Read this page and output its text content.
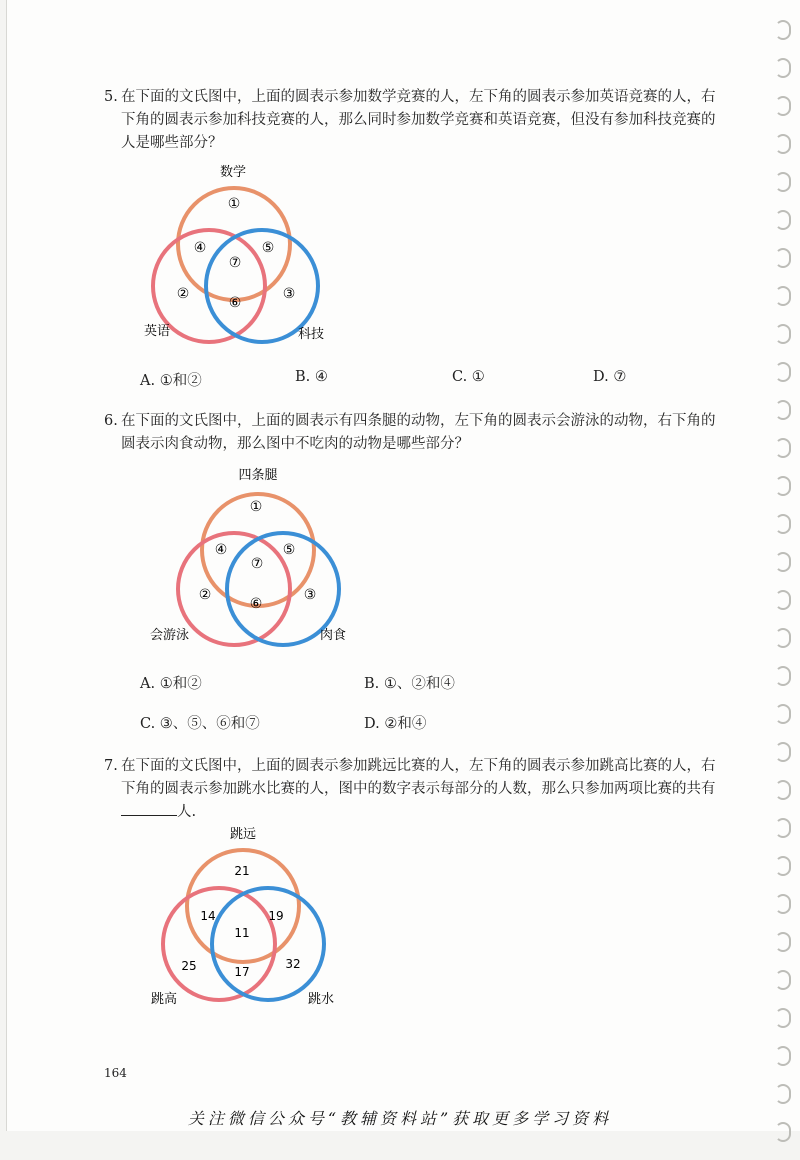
5. 在下面的文氏图中，上面的圆表示参加数学竞赛的人，左下角的圆表示参加英语竞赛的人，右下角的圆表示参加科技竞赛的人，那么同时参加数学竞赛和英语竞赛，但没有参加科技竞赛的人是哪些部分？
数学
①
④	⑤
⑦
②	③
⑥
英语	科技
A. ①和②	B. ④	C. ①	D. ⑦
6. 在下面的文氏图中，上面的圆表示有四条腿的动物，左下角的圆表示会游泳的动物，右下角的圆表示肉食动物，那么图中不吃肉的动物是哪些部分？
四条腿
①
④	⑤
⑦
②	③
⑥
会游泳	肉食
A. ①和②	B. ①、②和④
C. ③、⑤、⑥和⑦	D. ②和④
7. 在下面的文氏图中，上面的圆表示参加跳远比赛的人，左下角的圆表示参加跳高比赛的人，右下角的圆表示参加跳水比赛的人，图中的数字表示每部分的人数，那么只参加两项比赛的共有人.
跳远
21
14	19
11
25	32
17
跳高	跳水
164
关注微信公众号“教辅资料站”获取更多学习资料
